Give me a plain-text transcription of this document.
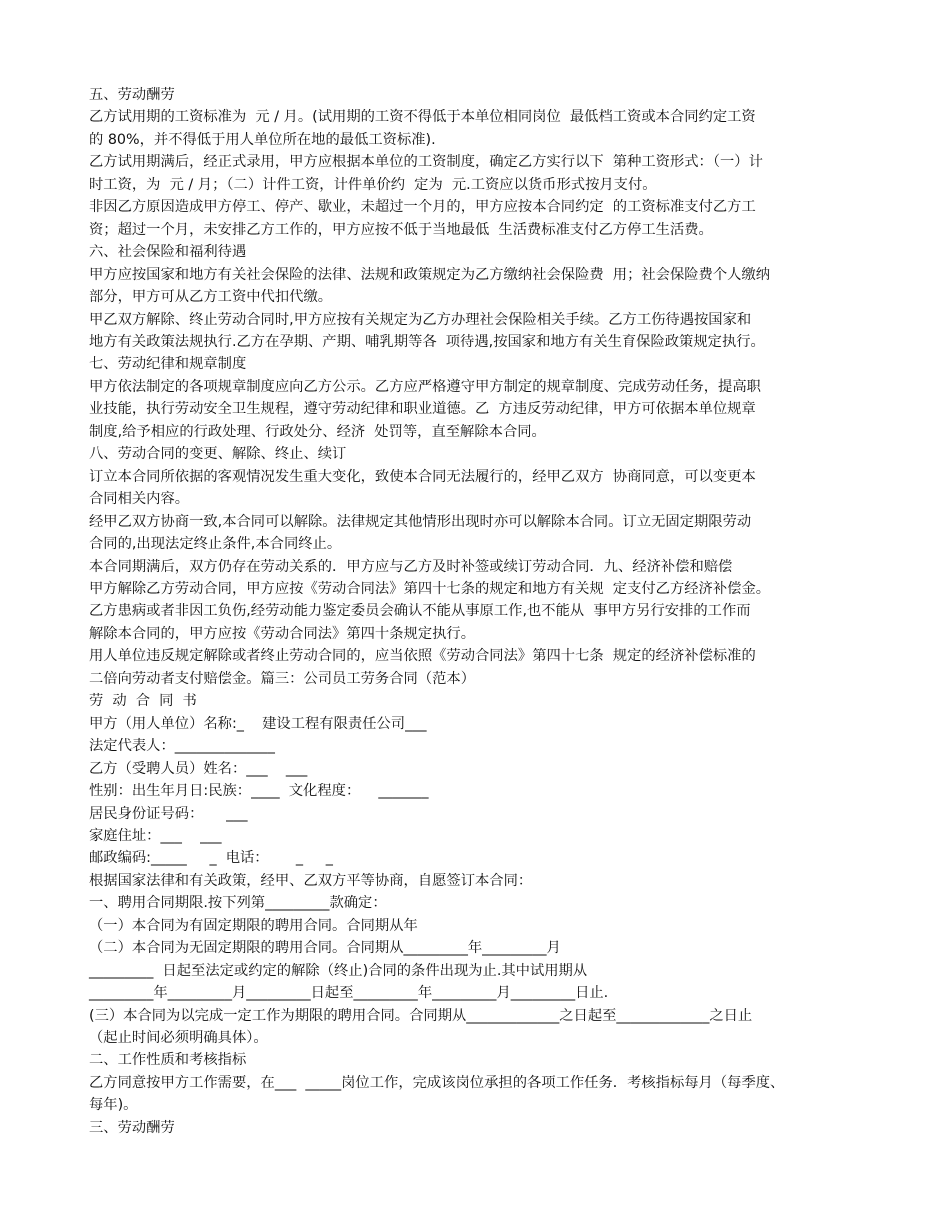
五、劳动酬劳

乙方试用期的工资标准为  元 / 月。(试用期的工资不得低于本单位相同岗位  最低档工资或本合同约定工资

的 80%，并不得低于用人单位所在地的最低工资标准).

乙方试用期满后，经正式录用，甲方应根据本单位的工资制度，确定乙方实行以下  第种工资形式：（一）计

时工资，为  元 / 月；（二）计件工资，计件单价约  定为  元.工资应以货币形式按月支付。

非因乙方原因造成甲方停工、停产、歇业，未超过一个月的，甲方应按本合同约定  的工资标准支付乙方工

资；超过一个月，未安排乙方工作的，甲方应按不低于当地最低  生活费标准支付乙方停工生活费。

六、社会保险和福利待遇

甲方应按国家和地方有关社会保险的法律、法规和政策规定为乙方缴纳社会保险费  用；社会保险费个人缴纳

部分，甲方可从乙方工资中代扣代缴。

甲乙双方解除、终止劳动合同时,甲方应按有关规定为乙方办理社会保险相关手续。乙方工伤待遇按国家和

地方有关政策法规执行.乙方在孕期、产期、哺乳期等各  项待遇,按国家和地方有关生育保险政策规定执行。

七、劳动纪律和规章制度

甲方依法制定的各项规章制度应向乙方公示。乙方应严格遵守甲方制定的规章制度、完成劳动任务，提高职

业技能，执行劳动安全卫生规程，遵守劳动纪律和职业道德。乙  方违反劳动纪律，甲方可依据本单位规章

制度,给予相应的行政处理、行政处分、经济  处罚等，直至解除本合同。

八、劳动合同的变更、解除、终止、续订

订立本合同所依据的客观情况发生重大变化，致使本合同无法履行的，经甲乙双方  协商同意，可以变更本

合同相关内容。

经甲乙双方协商一致,本合同可以解除。法律规定其他情形出现时亦可以解除本合同。订立无固定期限劳动

合同的,出现法定终止条件,本合同终止。

本合同期满后，双方仍存在劳动关系的．甲方应与乙方及时补签或续订劳动合同．九、经济补偿和赔偿

甲方解除乙方劳动合同，甲方应按《劳动合同法》第四十七条的规定和地方有关规  定支付乙方经济补偿金。

乙方患病或者非因工负伤,经劳动能力鉴定委员会确认不能从事原工作,也不能从  事甲方另行安排的工作而

解除本合同的，甲方应按《劳动合同法》第四十条规定执行。

用人单位违反规定解除或者终止劳动合同的，应当依照《劳动合同法》第四十七条  规定的经济补偿标准的

二倍向劳动者支付赔偿金。篇三：公司员工劳务合同（范本）

劳  动  合  同  书

甲方（用人单位）名称:_    建设工程有限责任公司___

法定代表人：______________

乙方（受聘人员）姓名：___    ___

性别：出生年月日:民族：____  文化程度：    _______

居民身份证号码：     ___

家庭住址：___    ___

邮政编码:_____     _  电话：      _     _

根据国家法律和有关政策，经甲、乙双方平等协商，自愿签订本合同：

一、聘用合同期限.按下列第_________款确定：

（一）本合同为有固定期限的聘用合同。合同期从年

（二）本合同为无固定期限的聘用合同。合同期从_________年_________月

_________  日起至法定或约定的解除（终止)合同的条件出现为止.其中试用期从

_________年_________月_________日起至_________年_________月_________日止.

(三）本合同为以完成一定工作为期限的聘用合同。合同期从_____________之日起至_____________之日止

（起止时间必须明确具体）。

二、工作性质和考核指标

乙方同意按甲方工作需要，在___  _____岗位工作，完成该岗位承担的各项工作任务．考核指标每月（每季度、

每年)。

三、劳动酬劳
